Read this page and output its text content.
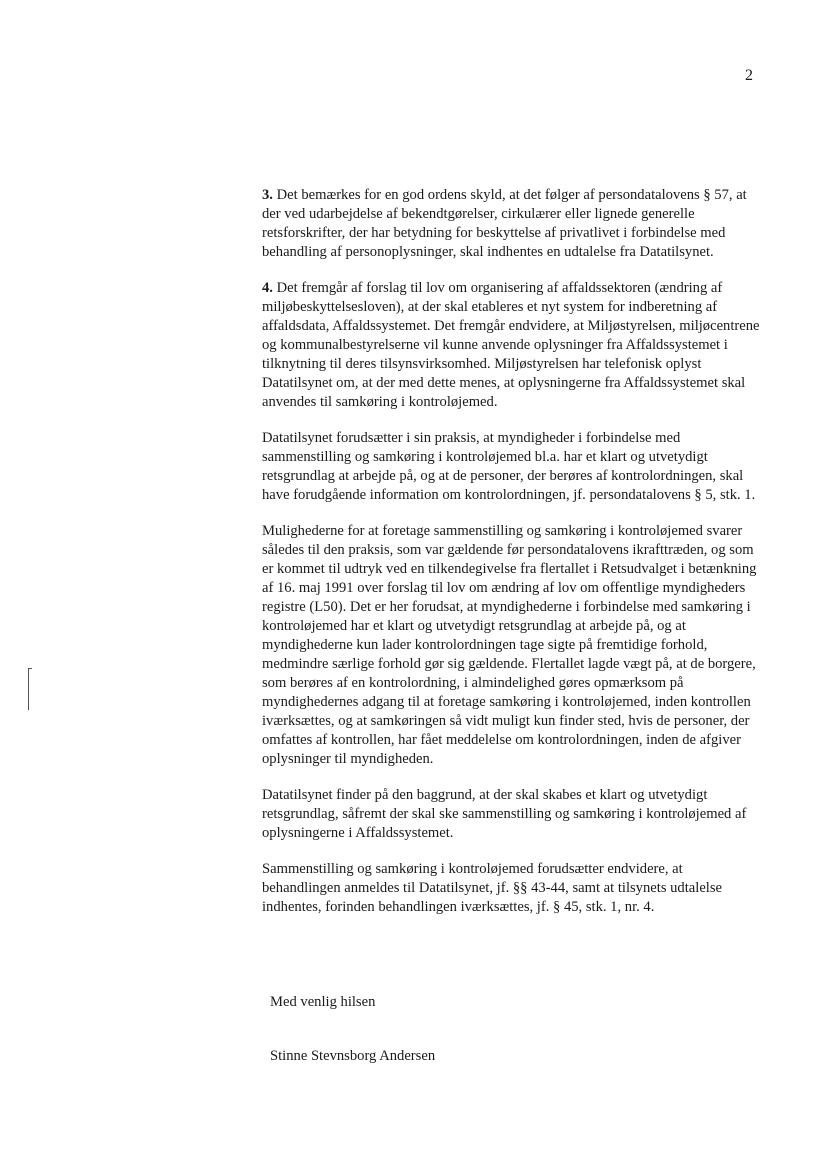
2

3. Det bemærkes for en god ordens skyld, at det følger af persondatalovens § 57, at der ved udarbejdelse af bekendtgørelser, cirkulærer eller lignede generelle retsforskrifter, der har betydning for beskyttelse af privatlivet i forbindelse med behandling af personoplysninger, skal indhentes en udtalelse fra Datatilsynet.

4. Det fremgår af forslag til lov om organisering af affaldssektoren (ændring af miljøbeskyttelsesloven), at der skal etableres et nyt system for indberetning af affaldsdata, Affaldssystemet. Det fremgår endvidere, at Miljøstyrelsen, miljøcentrene og kommunalbestyrelserne vil kunne anvende oplysninger fra Affaldssystemet i tilknytning til deres tilsynsvirksomhed. Miljøstyrelsen har telefonisk oplyst Datatilsynet om, at der med dette menes, at oplysningerne fra Affaldssystemet skal anvendes til samkøring i kontroløjemed.

Datatilsynet forudsætter i sin praksis, at myndigheder i forbindelse med sammenstilling og samkøring i kontroløjemed bl.a. har et klart og utvetydigt retsgrundlag at arbejde på, og at de personer, der berøres af kontrolordningen, skal have forudgående information om kontrolordningen, jf. persondatalovens § 5, stk. 1.

Mulighederne for at foretage sammenstilling og samkøring i kontroløjemed svarer således til den praksis, som var gældende før persondatalovens ikrafttræden, og som er kommet til udtryk ved en tilkendegivelse fra flertallet i Retsudvalget i betænkning af 16. maj 1991 over forslag til lov om ændring af lov om offentlige myndigheders registre (L50). Det er her forudsat, at myndighederne i forbindelse med samkøring i kontroløjemed har et klart og utvetydigt retsgrundlag at arbejde på, og at myndighederne kun lader kontrolordningen tage sigte på fremtidige forhold, medmindre særlige forhold gør sig gældende. Flertallet lagde vægt på, at de borgere, som berøres af en kontrolordning, i almindelighed gøres opmærksom på myndighedernes adgang til at foretage samkøring i kontroløjemed, inden kontrollen iværksættes, og at samkøringen så vidt muligt kun finder sted, hvis de personer, der omfattes af kontrollen, har fået meddelelse om kontrolordningen, inden de afgiver oplysninger til myndigheden.

Datatilsynet finder på den baggrund, at der skal skabes et klart og utvetydigt retsgrundlag, såfremt der skal ske sammenstilling og samkøring i kontroløjemed af oplysningerne i Affaldssystemet.

Sammenstilling og samkøring i kontroløjemed forudsætter endvidere, at behandlingen anmeldes til Datatilsynet, jf. §§ 43-44, samt at tilsynets udtalelse indhentes, forinden behandlingen iværksættes, jf. § 45, stk. 1, nr. 4.

Med venlig hilsen
Stinne Stevnsborg Andersen
